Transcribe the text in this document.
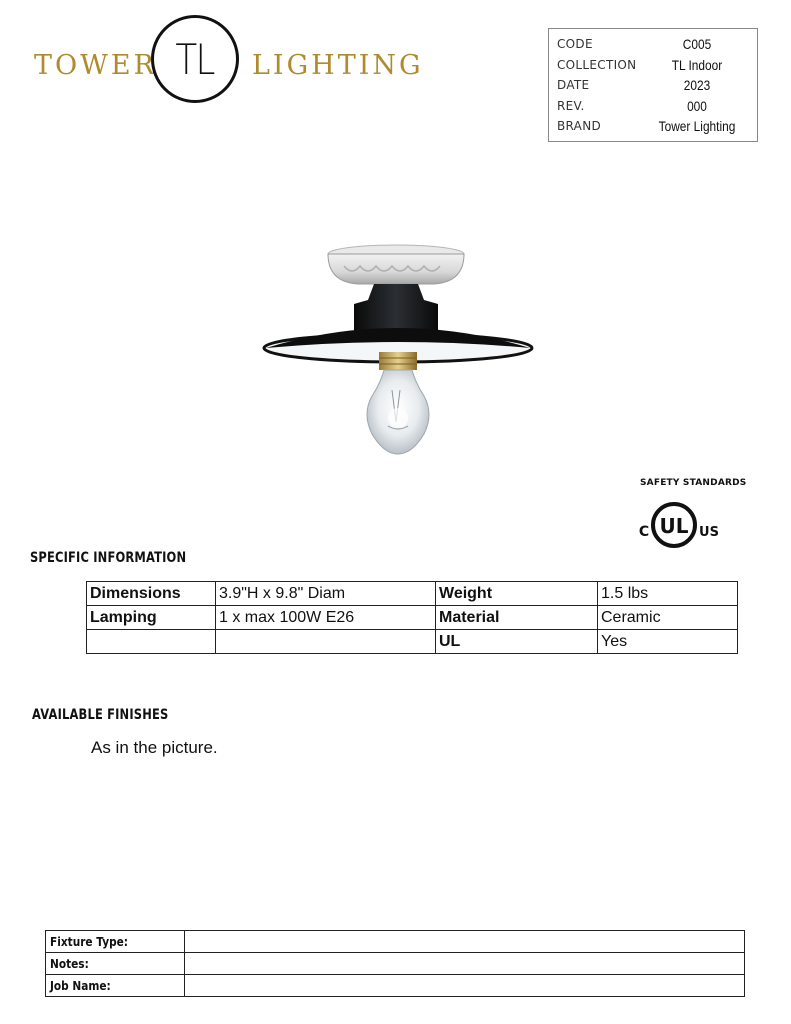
TOWER TL LIGHTING
CODE	C005
COLLECTION	TL Indoor
DATE	2023
REV.	000
BRAND	Tower Lighting
SAFETY STANDARDS
UL
C	US
SPECIFIC INFORMATION
Dimensions	3.9"H x 9.8" Diam	Weight	1.5 lbs
Lamping	1 x max 100W E26	Material	Ceramic
		UL	Yes
AVAILABLE FINISHES
As in the picture.
Fixture Type:	
Notes:	
Job Name:	
